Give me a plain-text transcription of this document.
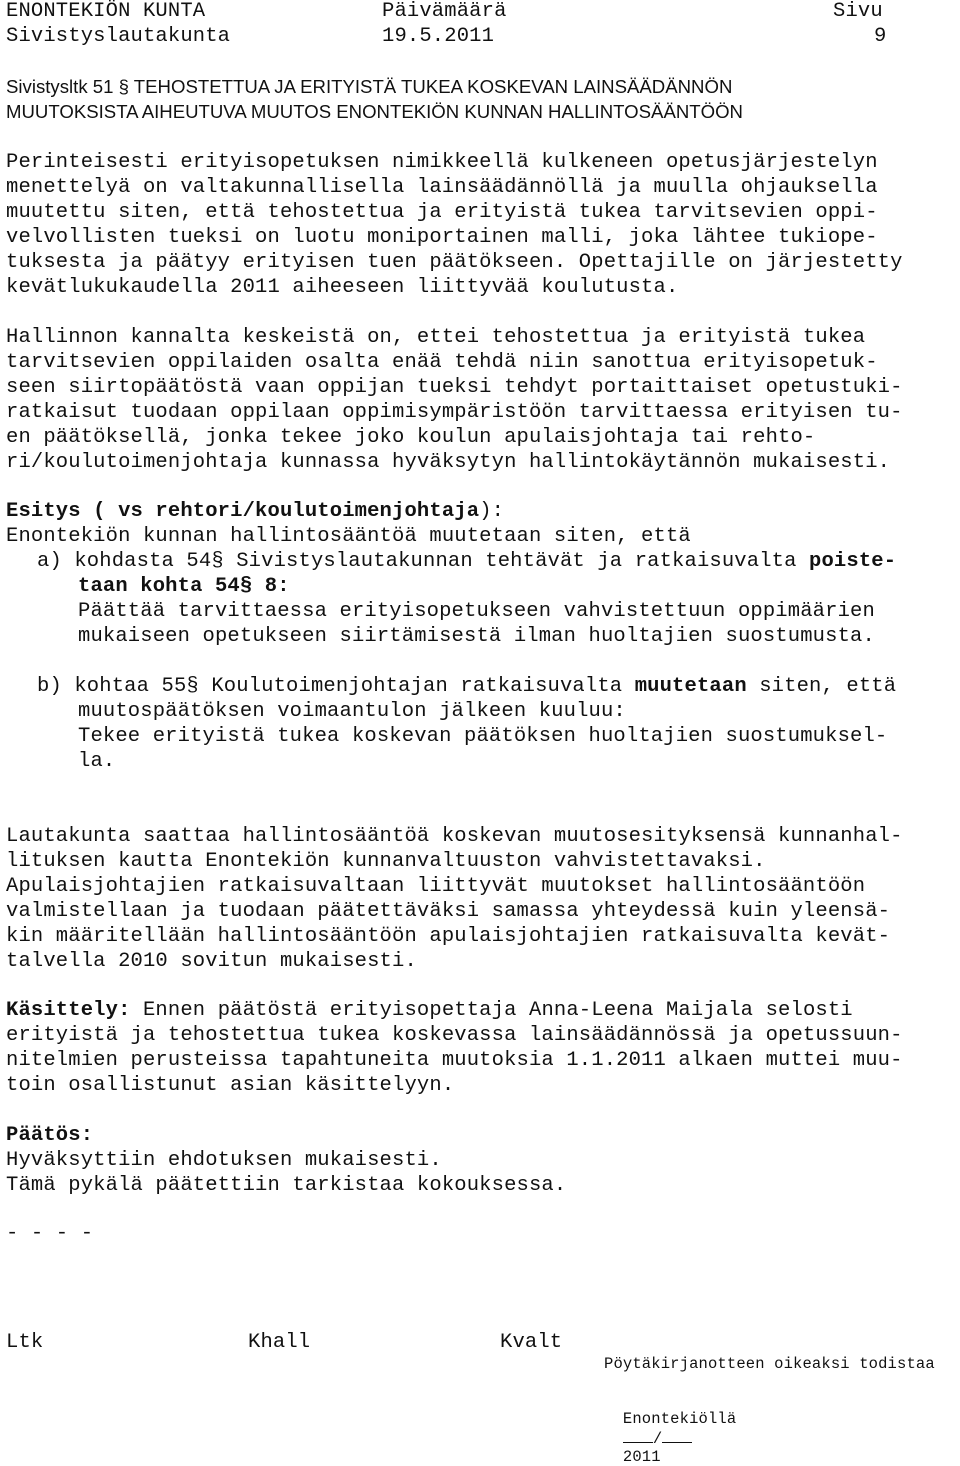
ENONTEKIÖN KUNTA	Päivämäärä	Sivu
Sivistyslautakunta	19.5.2011	9
Sivistysltk 51 § TEHOSTETTUA JA ERITYISTÄ TUKEA KOSKEVAN LAINSÄÄDÄNNÖN
MUUTOKSISTA AIHEUTUVA MUUTOS ENONTEKIÖN KUNNAN HALLINTOSÄÄNTÖÖN
Perinteisesti erityisopetuksen nimikkeellä kulkeneen opetusjärjestelyn
menettelyä on valtakunnallisella lainsäädännöllä ja muulla ohjauksella
muutettu siten, että tehostettua ja erityistä tukea tarvitsevien oppi-
velvollisten tueksi on luotu moniportainen malli, joka lähtee tukiope-
tuksesta ja päätyy erityisen tuen päätökseen. Opettajille on järjestetty
kevätlukukaudella 2011 aiheeseen liittyvää koulutusta.
Hallinnon kannalta keskeistä on, ettei tehostettua ja erityistä tukea
tarvitsevien oppilaiden osalta enää tehdä niin sanottua erityisopetuk-
seen siirtopäätöstä vaan oppijan tueksi tehdyt portaittaiset opetustuki-
ratkaisut tuodaan oppilaan oppimisympäristöön tarvittaessa erityisen tu-
en päätöksellä, jonka tekee joko koulun apulaisjohtaja tai rehto-
ri/koulutoimenjohtaja kunnassa hyväksytyn hallintokäytännön mukaisesti.
Esitys ( vs rehtori/koulutoimenjohtaja):
Enontekiön kunnan hallintosääntöä muutetaan siten, että
a) kohdasta 54§ Sivistyslautakunnan tehtävät ja ratkaisuvalta poiste-
taan kohta 54§ 8:
Päättää tarvittaessa erityisopetukseen vahvistettuun oppimäärien
mukaiseen opetukseen siirtämisestä ilman huoltajien suostumusta.
b) kohtaa 55§ Koulutoimenjohtajan ratkaisuvalta muutetaan siten, että
muutospäätöksen voimaantulon jälkeen kuuluu:
Tekee erityistä tukea koskevan päätöksen huoltajien suostumuksel-
la.
Lautakunta saattaa hallintosääntöä koskevan muutosesityksensä kunnanhal-
lituksen kautta Enontekiön kunnanvaltuuston vahvistettavaksi.
Apulaisjohtajien ratkaisuvaltaan liittyvät muutokset hallintosääntöön
valmistellaan ja tuodaan päätettäväksi samassa yhteydessä kuin yleensä-
kin määritellään hallintosääntöön apulaisjohtajien ratkaisuvalta kevät-
talvella 2010 sovitun mukaisesti.
Käsittely: Ennen päätöstä erityisopettaja Anna-Leena Maijala selosti
erityistä ja tehostettua tukea koskevassa lainsäädännössä ja opetussuun-
nitelmien perusteissa tapahtuneita muutoksia 1.1.2011 alkaen muttei muu-
toin osallistunut asian käsittelyyn.
Päätös:
Hyväksyttiin ehdotuksen mukaisesti.
Tämä pykälä päätettiin tarkistaa kokouksessa.
- - - -
Ltk	Khall	Kvalt
Pöytäkirjanotteen oikeaksi todistaa

Enontekiöllä
/
2011
